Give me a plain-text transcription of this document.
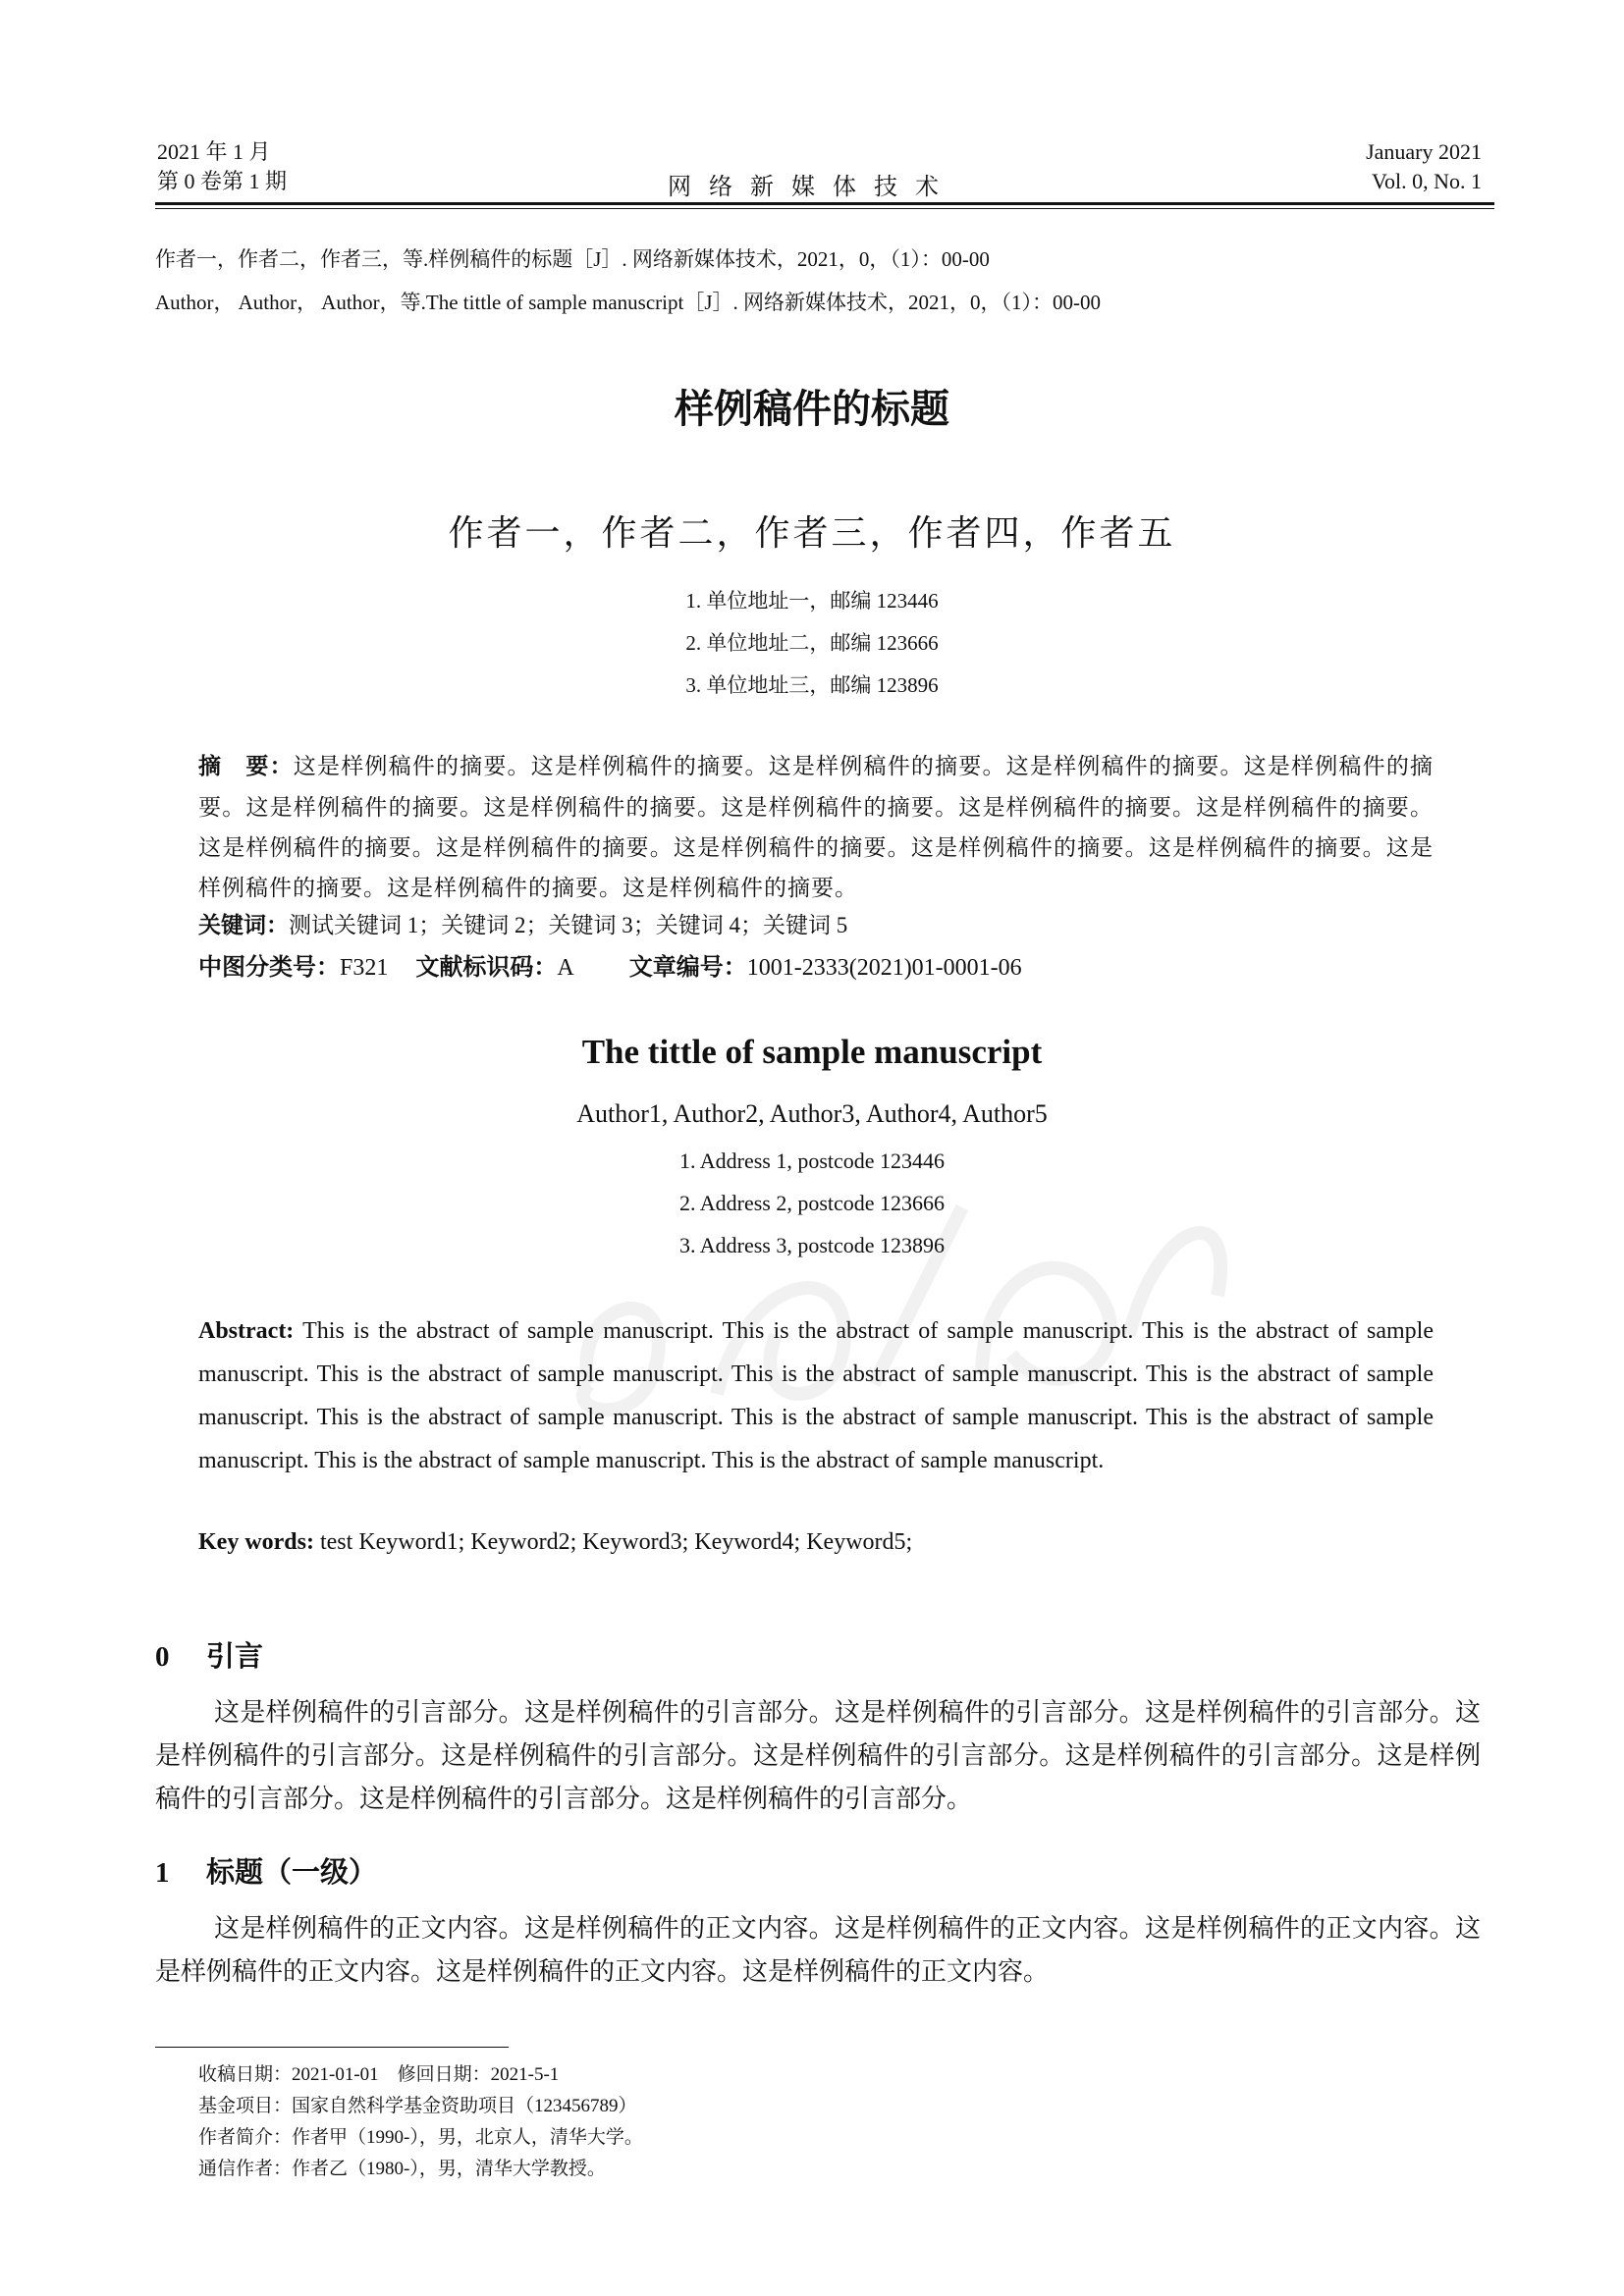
2021 年 1 月
第 0 卷第 1 期	网络新媒体技术
January 2021
Vol. 0, No. 1
作者一，作者二，作者三，等.样例稿件的标题［J］. 网络新媒体技术，2021，0，（1）：00-00
Author， Author， Author，等.The tittle of sample manuscript［J］. 网络新媒体技术，2021，0，（1）：00-00
样例稿件的标题
作者一，作者二，作者三，作者四，作者五
1. 单位地址一，邮编 123446
2. 单位地址二，邮编 123666
3. 单位地址三，邮编 123896
摘　要：这是样例稿件的摘要。这是样例稿件的摘要。这是样例稿件的摘要。这是样例稿件的摘要。这是样例稿件的摘要。这是样例稿件的摘要。这是样例稿件的摘要。这是样例稿件的摘要。这是样例稿件的摘要。这是样例稿件的摘要。这是样例稿件的摘要。这是样例稿件的摘要。这是样例稿件的摘要。这是样例稿件的摘要。这是样例稿件的摘要。这是样例稿件的摘要。这是样例稿件的摘要。这是样例稿件的摘要。
关键词：测试关键词 1；关键词 2；关键词 3；关键词 4；关键词 5
中图分类号：F321 文献标识码：A 文章编号：1001-2333(2021)01-0001-06
The tittle of sample manuscript
Author1, Author2, Author3, Author4, Author5
1. Address 1, postcode 123446
2. Address 2, postcode 123666
3. Address 3, postcode 123896
Abstract: This is the abstract of sample manuscript. This is the abstract of sample manuscript. This is the abstract of sample manuscript. This is the abstract of sample manuscript. This is the abstract of sample manuscript. This is the abstract of sample manuscript. This is the abstract of sample manuscript. This is the abstract of sample manuscript. This is the abstract of sample manuscript. This is the abstract of sample manuscript. This is the abstract of sample manuscript.
Key words: test Keyword1; Keyword2; Keyword3; Keyword4; Keyword5;
0 引言
这是样例稿件的引言部分。这是样例稿件的引言部分。这是样例稿件的引言部分。这是样例稿件的引言部分。这是样例稿件的引言部分。这是样例稿件的引言部分。这是样例稿件的引言部分。这是样例稿件的引言部分。这是样例稿件的引言部分。这是样例稿件的引言部分。这是样例稿件的引言部分。
1 标题（一级）
这是样例稿件的正文内容。这是样例稿件的正文内容。这是样例稿件的正文内容。这是样例稿件的正文内容。这是样例稿件的正文内容。这是样例稿件的正文内容。这是样例稿件的正文内容。
收稿日期：2021-01-01　修回日期：2021-5-1
基金项目：国家自然科学基金资助项目（123456789）
作者简介：作者甲（1990-），男，北京人，清华大学。
通信作者：作者乙（1980-），男，清华大学教授。
